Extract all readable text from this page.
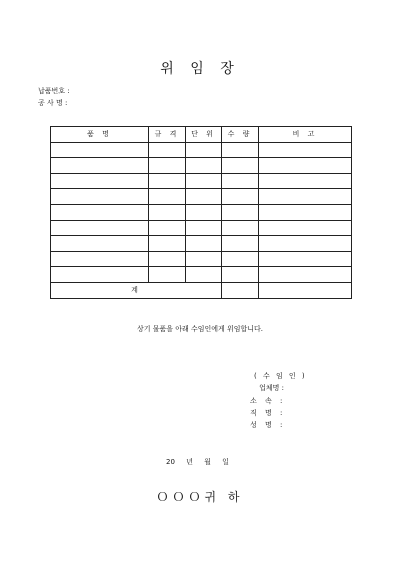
위 임 장
납품번호 :
공 사 명 :
품 명	규 격	단 위	수 량	비 고

계				
상기 물품을 아래 수임인에게 위임합니다.
( 수 임 인 )
업체명 :
소 속 :
직 명 :
성 명 :
20 년 월 일
ＯＯＯ귀 하
